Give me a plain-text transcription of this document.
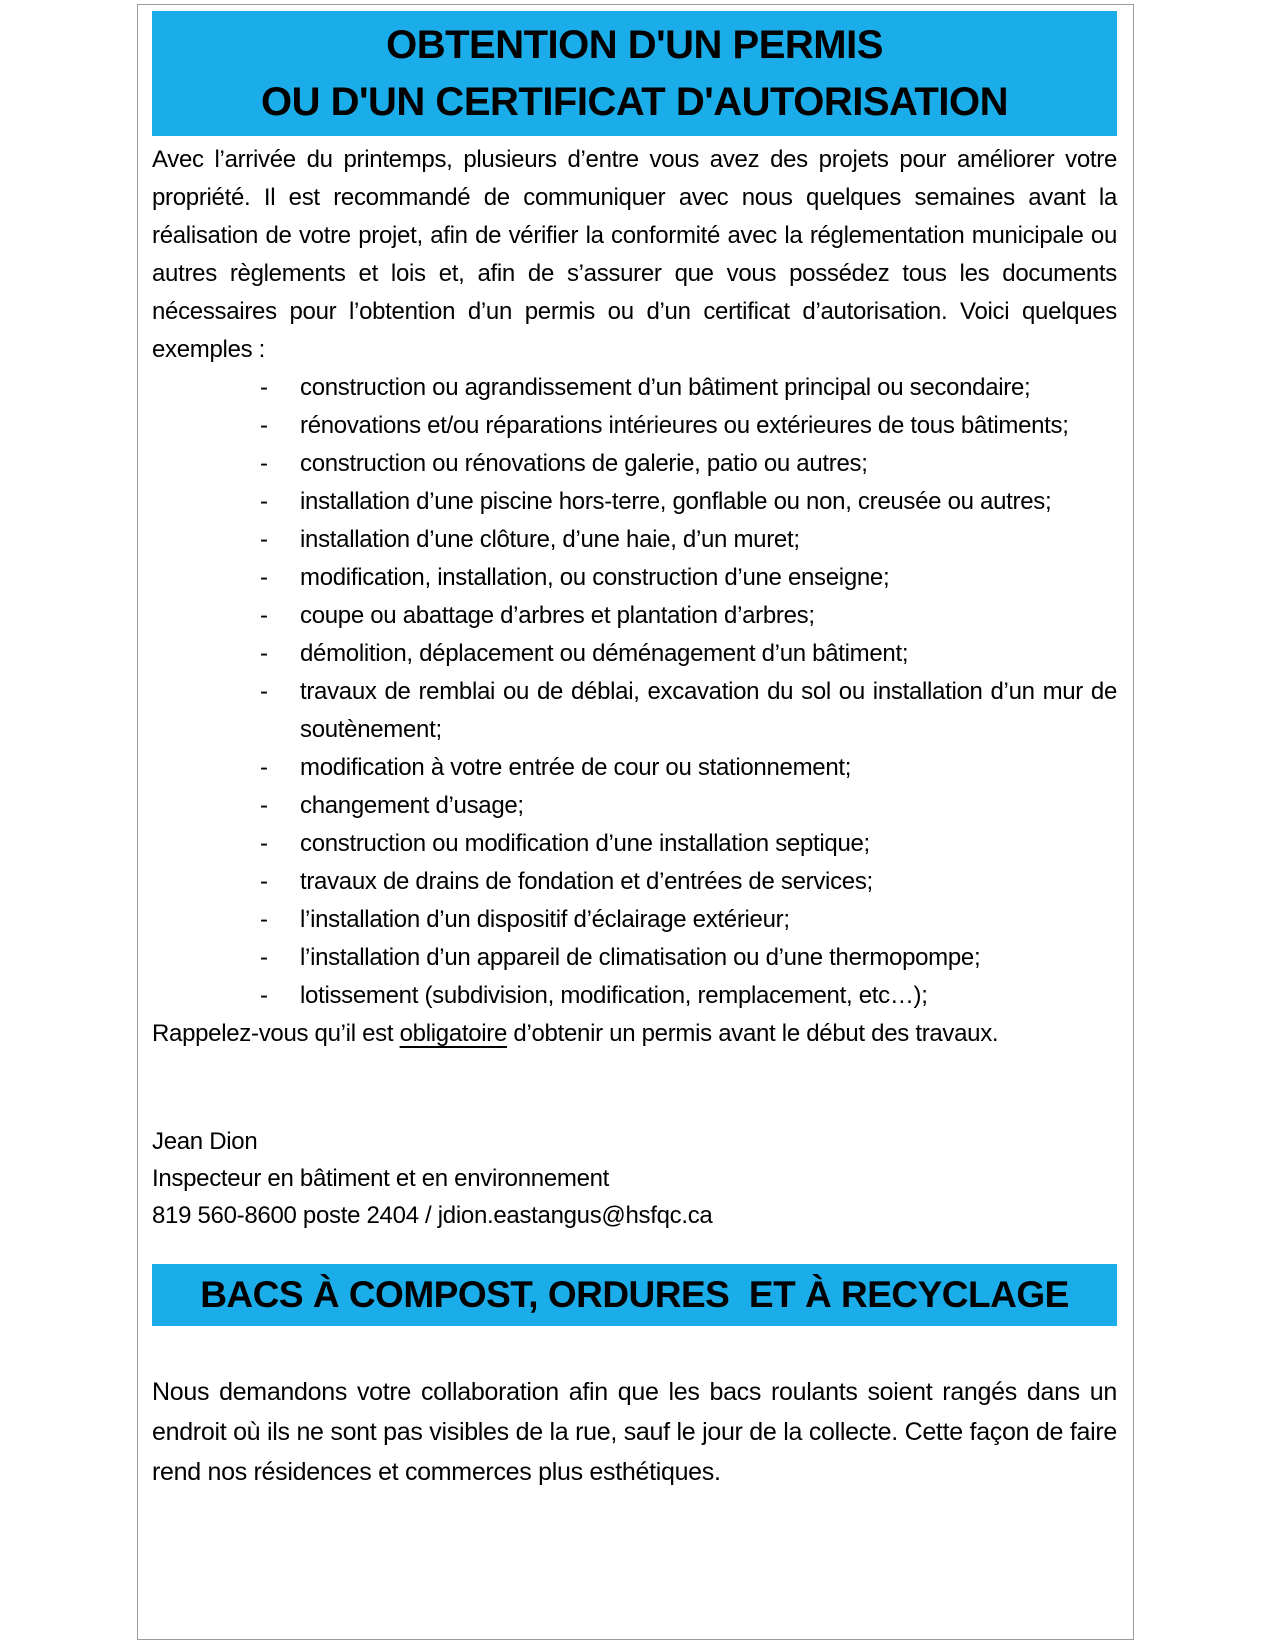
OBTENTION D'UN PERMIS
OU D'UN CERTIFICAT D'AUTORISATION

Avec l’arrivée du printemps, plusieurs d’entre vous avez des projets pour améliorer votre propriété. Il est recommandé de communiquer avec nous quelques semaines avant la réalisation de votre projet, afin de vérifier la conformité avec la réglementation municipale ou autres règlements et lois et, afin de s’assurer que vous possédez tous les documents nécessaires pour l’obtention d’un permis ou d’un certificat d’autorisation. Voici quelques exemples :

- construction ou agrandissement d’un bâtiment principal ou secondaire;
- rénovations et/ou réparations intérieures ou extérieures de tous bâtiments;
- construction ou rénovations de galerie, patio ou autres;
- installation d’une piscine hors-terre, gonflable ou non, creusée ou autres;
- installation d’une clôture, d’une haie, d’un muret;
- modification, installation, ou construction d’une enseigne;
- coupe ou abattage d’arbres et plantation d’arbres;
- démolition, déplacement ou déménagement d’un bâtiment;
- travaux de remblai ou de déblai, excavation du sol ou installation d’un mur de soutènement;
- modification à votre entrée de cour ou stationnement;
- changement d’usage;
- construction ou modification d’une installation septique;
- travaux de drains de fondation et d’entrées de services;
- l’installation d’un dispositif d’éclairage extérieur;
- l’installation d’un appareil de climatisation ou d’une thermopompe;
- lotissement (subdivision, modification, remplacement, etc…);

Rappelez-vous qu’il est obligatoire d’obtenir un permis avant le début des travaux.

Jean Dion
Inspecteur en bâtiment et en environnement
819 560-8600 poste 2404 / jdion.eastangus@hsfqc.ca
BACS À COMPOST, ORDURES  ET À RECYCLAGE

Nous demandons votre collaboration afin que les bacs roulants soient rangés dans un endroit où ils ne sont pas visibles de la rue, sauf le jour de la collecte. Cette façon de faire rend nos résidences et commerces plus esthétiques.
